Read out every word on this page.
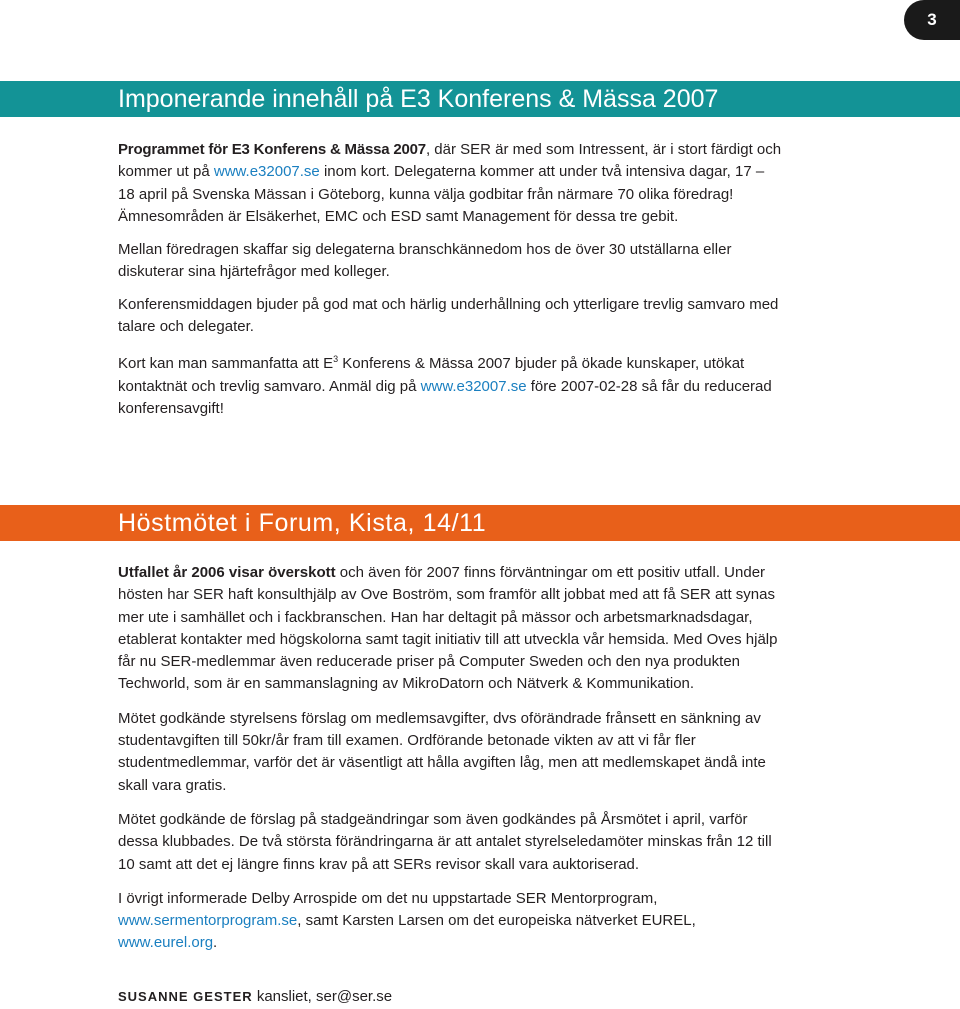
3
Imponerande innehåll på E3 Konferens & Mässa 2007

Programmet för E3 Konferens & Mässa 2007, där SER är med som Intressent, är i stort färdigt och kommer ut på www.e32007.se inom kort. Delegaterna kommer att under två intensiva dagar, 17 – 18 april på Svenska Mässan i Göteborg, kunna välja godbitar från närmare 70 olika föredrag! Ämnesområden är Elsäkerhet, EMC och ESD samt Management för dessa tre gebit.

Mellan föredragen skaffar sig delegaterna branschkännedom hos de över 30 utställarna eller diskuterar sina hjärtefrågor med kolleger.

Konferensmiddagen bjuder på god mat och härlig underhållning och ytterligare trevlig samvaro med talare och delegater.

Kort kan man sammanfatta att $E^3$ Konferens & Mässa 2007 bjuder på ökade kunskaper, utökat kontaktnät och trevlig samvaro. Anmäl dig på www.e32007.se före 2007-02-28 så får du reducerad konferensavgift!

Höstmötet i Forum, Kista, 14/11

Utfallet år 2006 visar överskott och även för 2007 finns förväntningar om ett positiv utfall. Under hösten har SER haft konsulthjälp av Ove Boström, som framför allt jobbat med att få SER att synas mer ute i samhället och i fackbranschen. Han har deltagit på mässor och arbetsmarknadsdagar, etablerat kontakter med högskolorna samt tagit initiativ till att utveckla vår hemsida. Med Oves hjälp får nu SER-medlemmar även reducerade priser på Computer Sweden och den nya produkten Techworld, som är en sammanslagning av MikroDatorn och Nätverk & Kommunikation.

Mötet godkände styrelsens förslag om medlemsavgifter, dvs oförändrade frånsett en sänkning av studentavgiften till 50kr/år fram till examen. Ordförande betonade vikten av att vi får fler studentmedlemmar, varför det är väsentligt att hålla avgiften låg, men att medlemskapet ändå inte skall vara gratis.

Mötet godkände de förslag på stadgeändringar som även godkändes på Årsmötet i april, varför dessa klubbades. De två största förändringarna är att antalet styrelseledamöter minskas från 12 till 10 samt att det ej längre finns krav på att SERs revisor skall vara auktoriserad.

I övrigt informerade Delby Arrospide om det nu uppstartade SER Mentorprogram, www.sermentorprogram.se, samt Karsten Larsen om det europeiska nätverket EUREL, www.eurel.org.

SUSANNE GESTER kansliet, ser@ser.se
